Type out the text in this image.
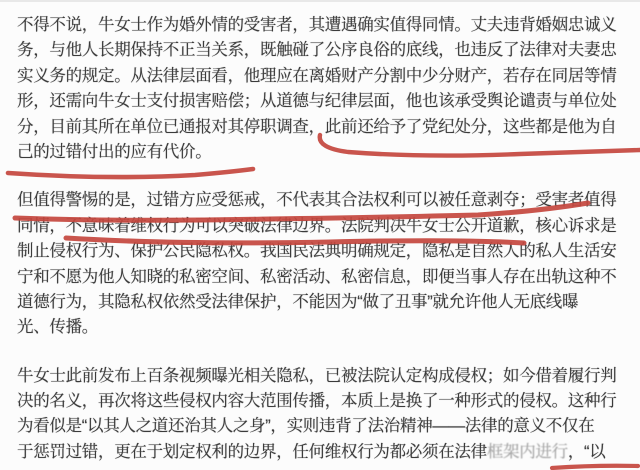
不得不说，牛女士作为婚外情的受害者，其遭遇确实值得同情。丈夫违背婚姻忠诚义
务，与他人长期保持不正当关系，既触碰了公序良俗的底线，也违反了法律对夫妻忠
实义务的规定。从法律层面看，他理应在离婚财产分割中少分财产，若存在同居等情
形，还需向牛女士支付损害赔偿；从道德与纪律层面，他也该承受舆论谴责与单位处
分，目前其所在单位已通报对其停职调查，此前还给予了党纪处分，这些都是他为自
己的过错付出的应有代价。
但值得警惕的是，过错方应受惩戒，不代表其合法权利可以被任意剥夺；受害者值得
同情，不意味着维权行为可以突破法律边界。法院判决牛女士公开道歉，核心诉求是
制止侵权行为、保护公民隐私权。我国民法典明确规定，隐私是自然人的私人生活安
宁和不愿为他人知晓的私密空间、私密活动、私密信息，即便当事人存在出轨这种不
道德行为，其隐私权依然受法律保护，不能因为“做了丑事”就允许他人无底线曝
光、传播。
牛女士此前发布上百条视频曝光相关隐私，已被法院认定构成侵权；如今借着履行判
决的名义，再次将这些侵权内容大范围传播，本质上是换了一种形式的侵权。这种行
为看似是“以其人之道还治其人之身”，实则违背了法治精神——法律的意义不仅在
于惩罚过错，更在于划定权利的边界，任何维权行为都必须在法律框架内进行，“以
